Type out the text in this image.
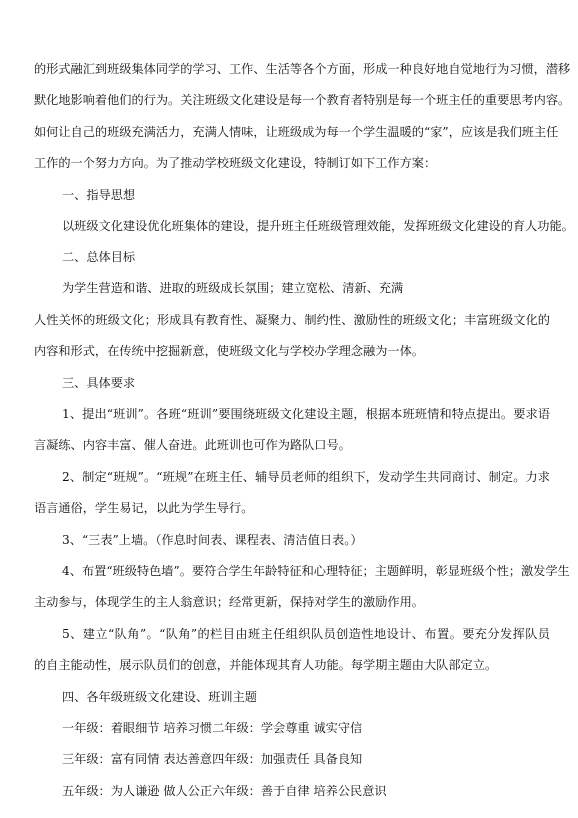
的形式融汇到班级集体同学的学习、工作、生活等各个方面，形成一种良好地自觉地行为习惯，潜移
默化地影响着他们的行为。关注班级文化建设是每一个教育者特别是每一个班主任的重要思考内容。
如何让自己的班级充满活力，充满人情味，让班级成为每一个学生温暖的“家”，应该是我们班主任
工作的一个努力方向。为了推动学校班级文化建设，特制订如下工作方案：
一、指导思想
以班级文化建设优化班集体的建设，提升班主任班级管理效能，发挥班级文化建设的育人功能。
二、总体目标
为学生营造和谐、进取的班级成长氛围；建立宽松、清新、充满
人性关怀的班级文化；形成具有教育性、凝聚力、制约性、激励性的班级文化；丰富班级文化的
内容和形式，在传统中挖掘新意，使班级文化与学校办学理念融为一体。
三、具体要求
1、提出“班训”。各班“班训”要围绕班级文化建设主题，根据本班班情和特点提出。要求语
言凝练、内容丰富、催人奋进。此班训也可作为路队口号。
2、制定“班规”。“班规”在班主任、辅导员老师的组织下，发动学生共同商讨、制定。力求
语言通俗，学生易记，以此为学生导行。
3、“三表”上墙。（作息时间表、课程表、清洁值日表。）
4、布置“班级特色墙”。要符合学生年龄特征和心理特征；主题鲜明，彰显班级个性；激发学生
主动参与，体现学生的主人翁意识；经常更新，保持对学生的激励作用。
5、建立“队角”。“队角”的栏目由班主任组织队员创造性地设计、布置。要充分发挥队员
的自主能动性，展示队员们的创意，并能体现其育人功能。每学期主题由大队部定立。
四、各年级班级文化建设、班训主题
一年级：着眼细节 培养习惯二年级：学会尊重 诚实守信
三年级：富有同情 表达善意四年级：加强责任 具备良知
五年级：为人谦逊 做人公正六年级：善于自律 培养公民意识
